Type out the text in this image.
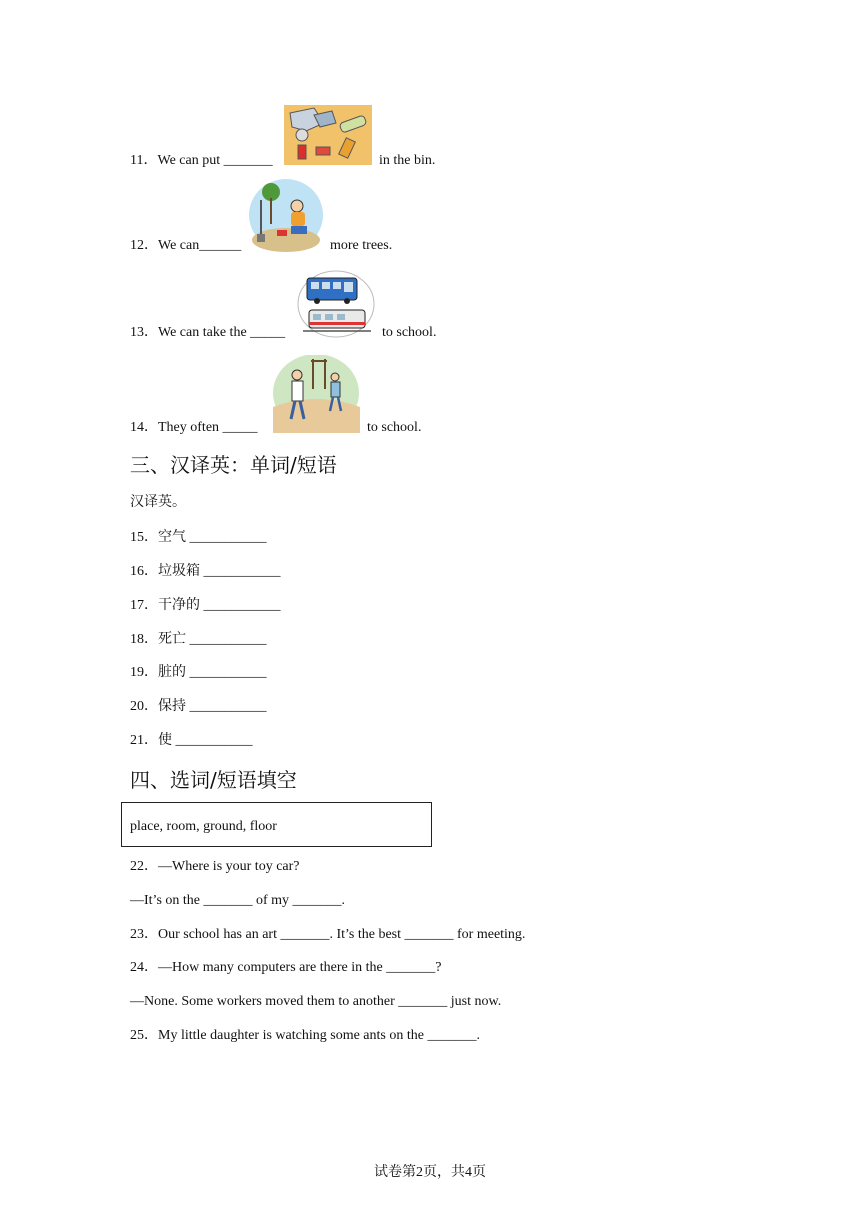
11．We can put _______	in the bin.
12．We can______	more trees.
13．We can take the _____	to school.
14．They often _____	to school.
三、汉译英：单词/短语
汉译英。
15．空气 ___________
16．垃圾箱 ___________
17．干净的 ___________
18．死亡 ___________
19．脏的 ___________
20．保持 ___________
21．使 ___________
四、选词/短语填空
place, room, ground, floor
22．—Where is your toy car?
—It’s on the _______ of my _______.
23．Our school has an art _______. It’s the best _______ for meeting.
24．—How many computers are there in the _______?
—None. Some workers moved them to another _______ just now.
25．My little daughter is watching some ants on the _______.
试卷第2页，共4页
